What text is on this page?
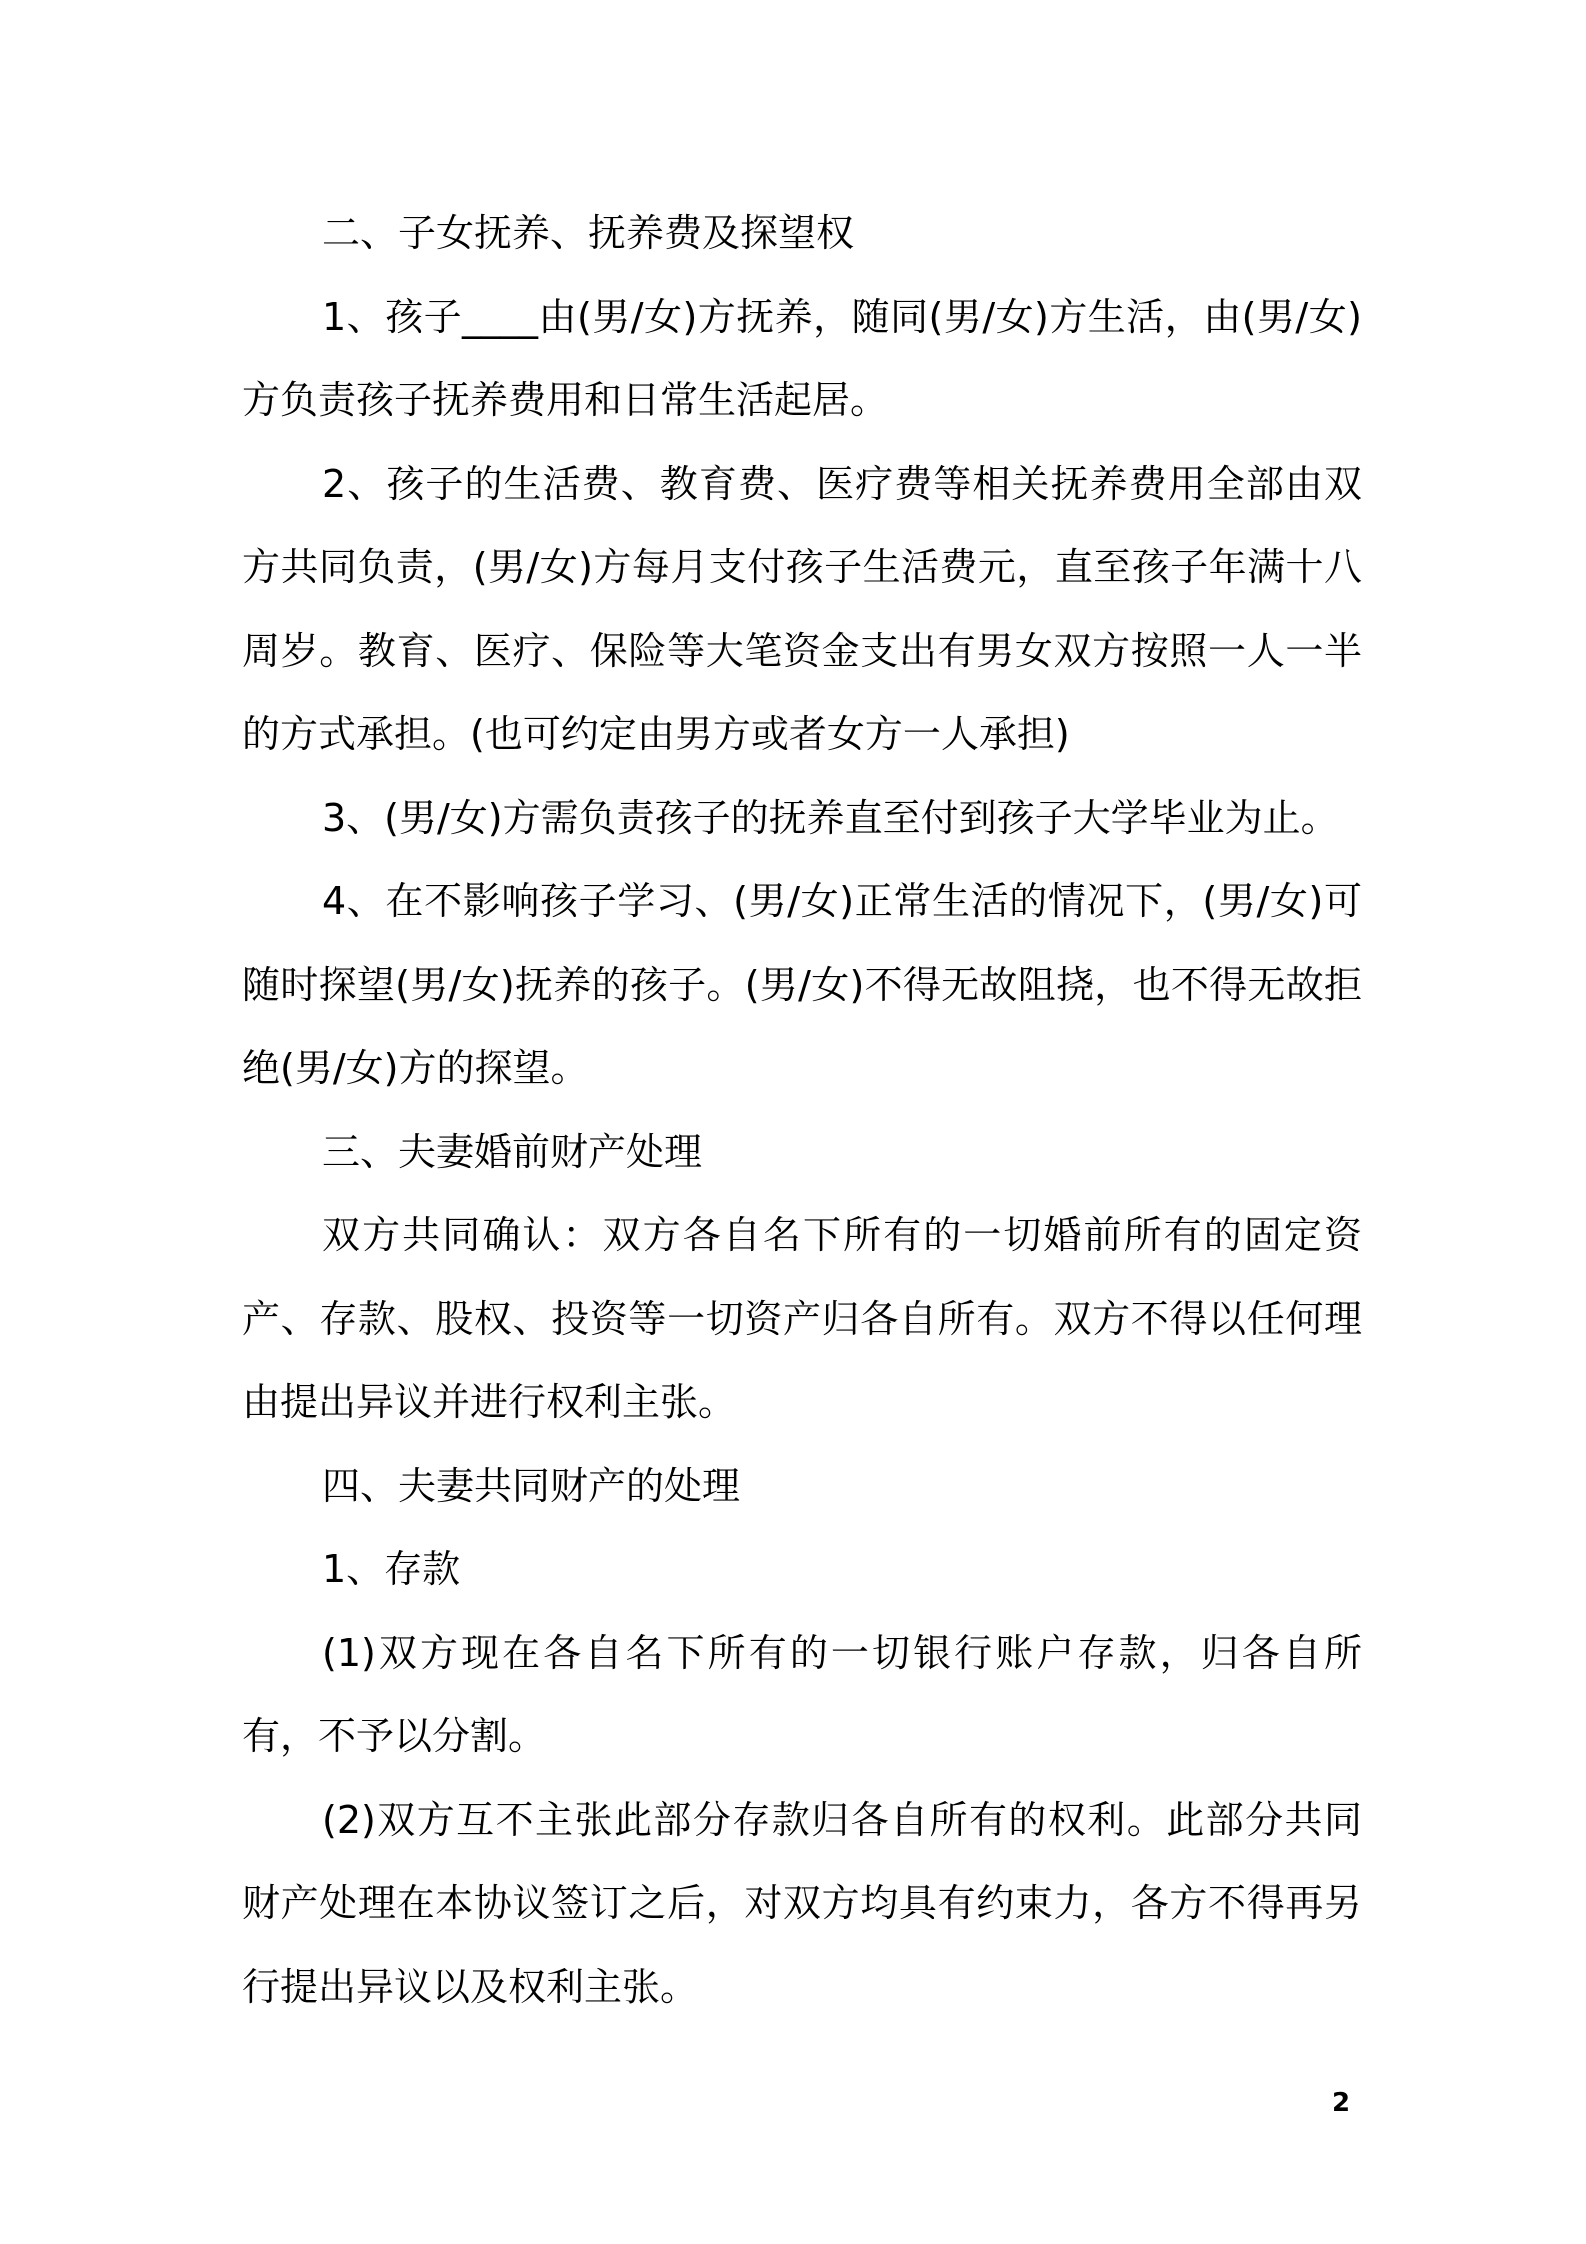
二、子女抚养、抚养费及探望权

1、孩子____由(男/女)方抚养，随同(男/女)方生活，由(男/女)方负责孩子抚养费用和日常生活起居。

2、孩子的生活费、教育费、医疗费等相关抚养费用全部由双方共同负责，(男/女)方每月支付孩子生活费元，直至孩子年满十八周岁。教育、医疗、保险等大笔资金支出有男女双方按照一人一半的方式承担。(也可约定由男方或者女方一人承担)

3、(男/女)方需负责孩子的抚养直至付到孩子大学毕业为止。

4、在不影响孩子学习、(男/女)正常生活的情况下，(男/女)可随时探望(男/女)抚养的孩子。(男/女)不得无故阻挠，也不得无故拒绝(男/女)方的探望。

三、夫妻婚前财产处理

双方共同确认：双方各自名下所有的一切婚前所有的固定资产、存款、股权、投资等一切资产归各自所有。双方不得以任何理由提出异议并进行权利主张。

四、夫妻共同财产的处理

1、存款

(1)双方现在各自名下所有的一切银行账户存款，归各自所有，不予以分割。

(2)双方互不主张此部分存款归各自所有的权利。此部分共同财产处理在本协议签订之后，对双方均具有约束力，各方不得再另行提出异议以及权利主张。

2
